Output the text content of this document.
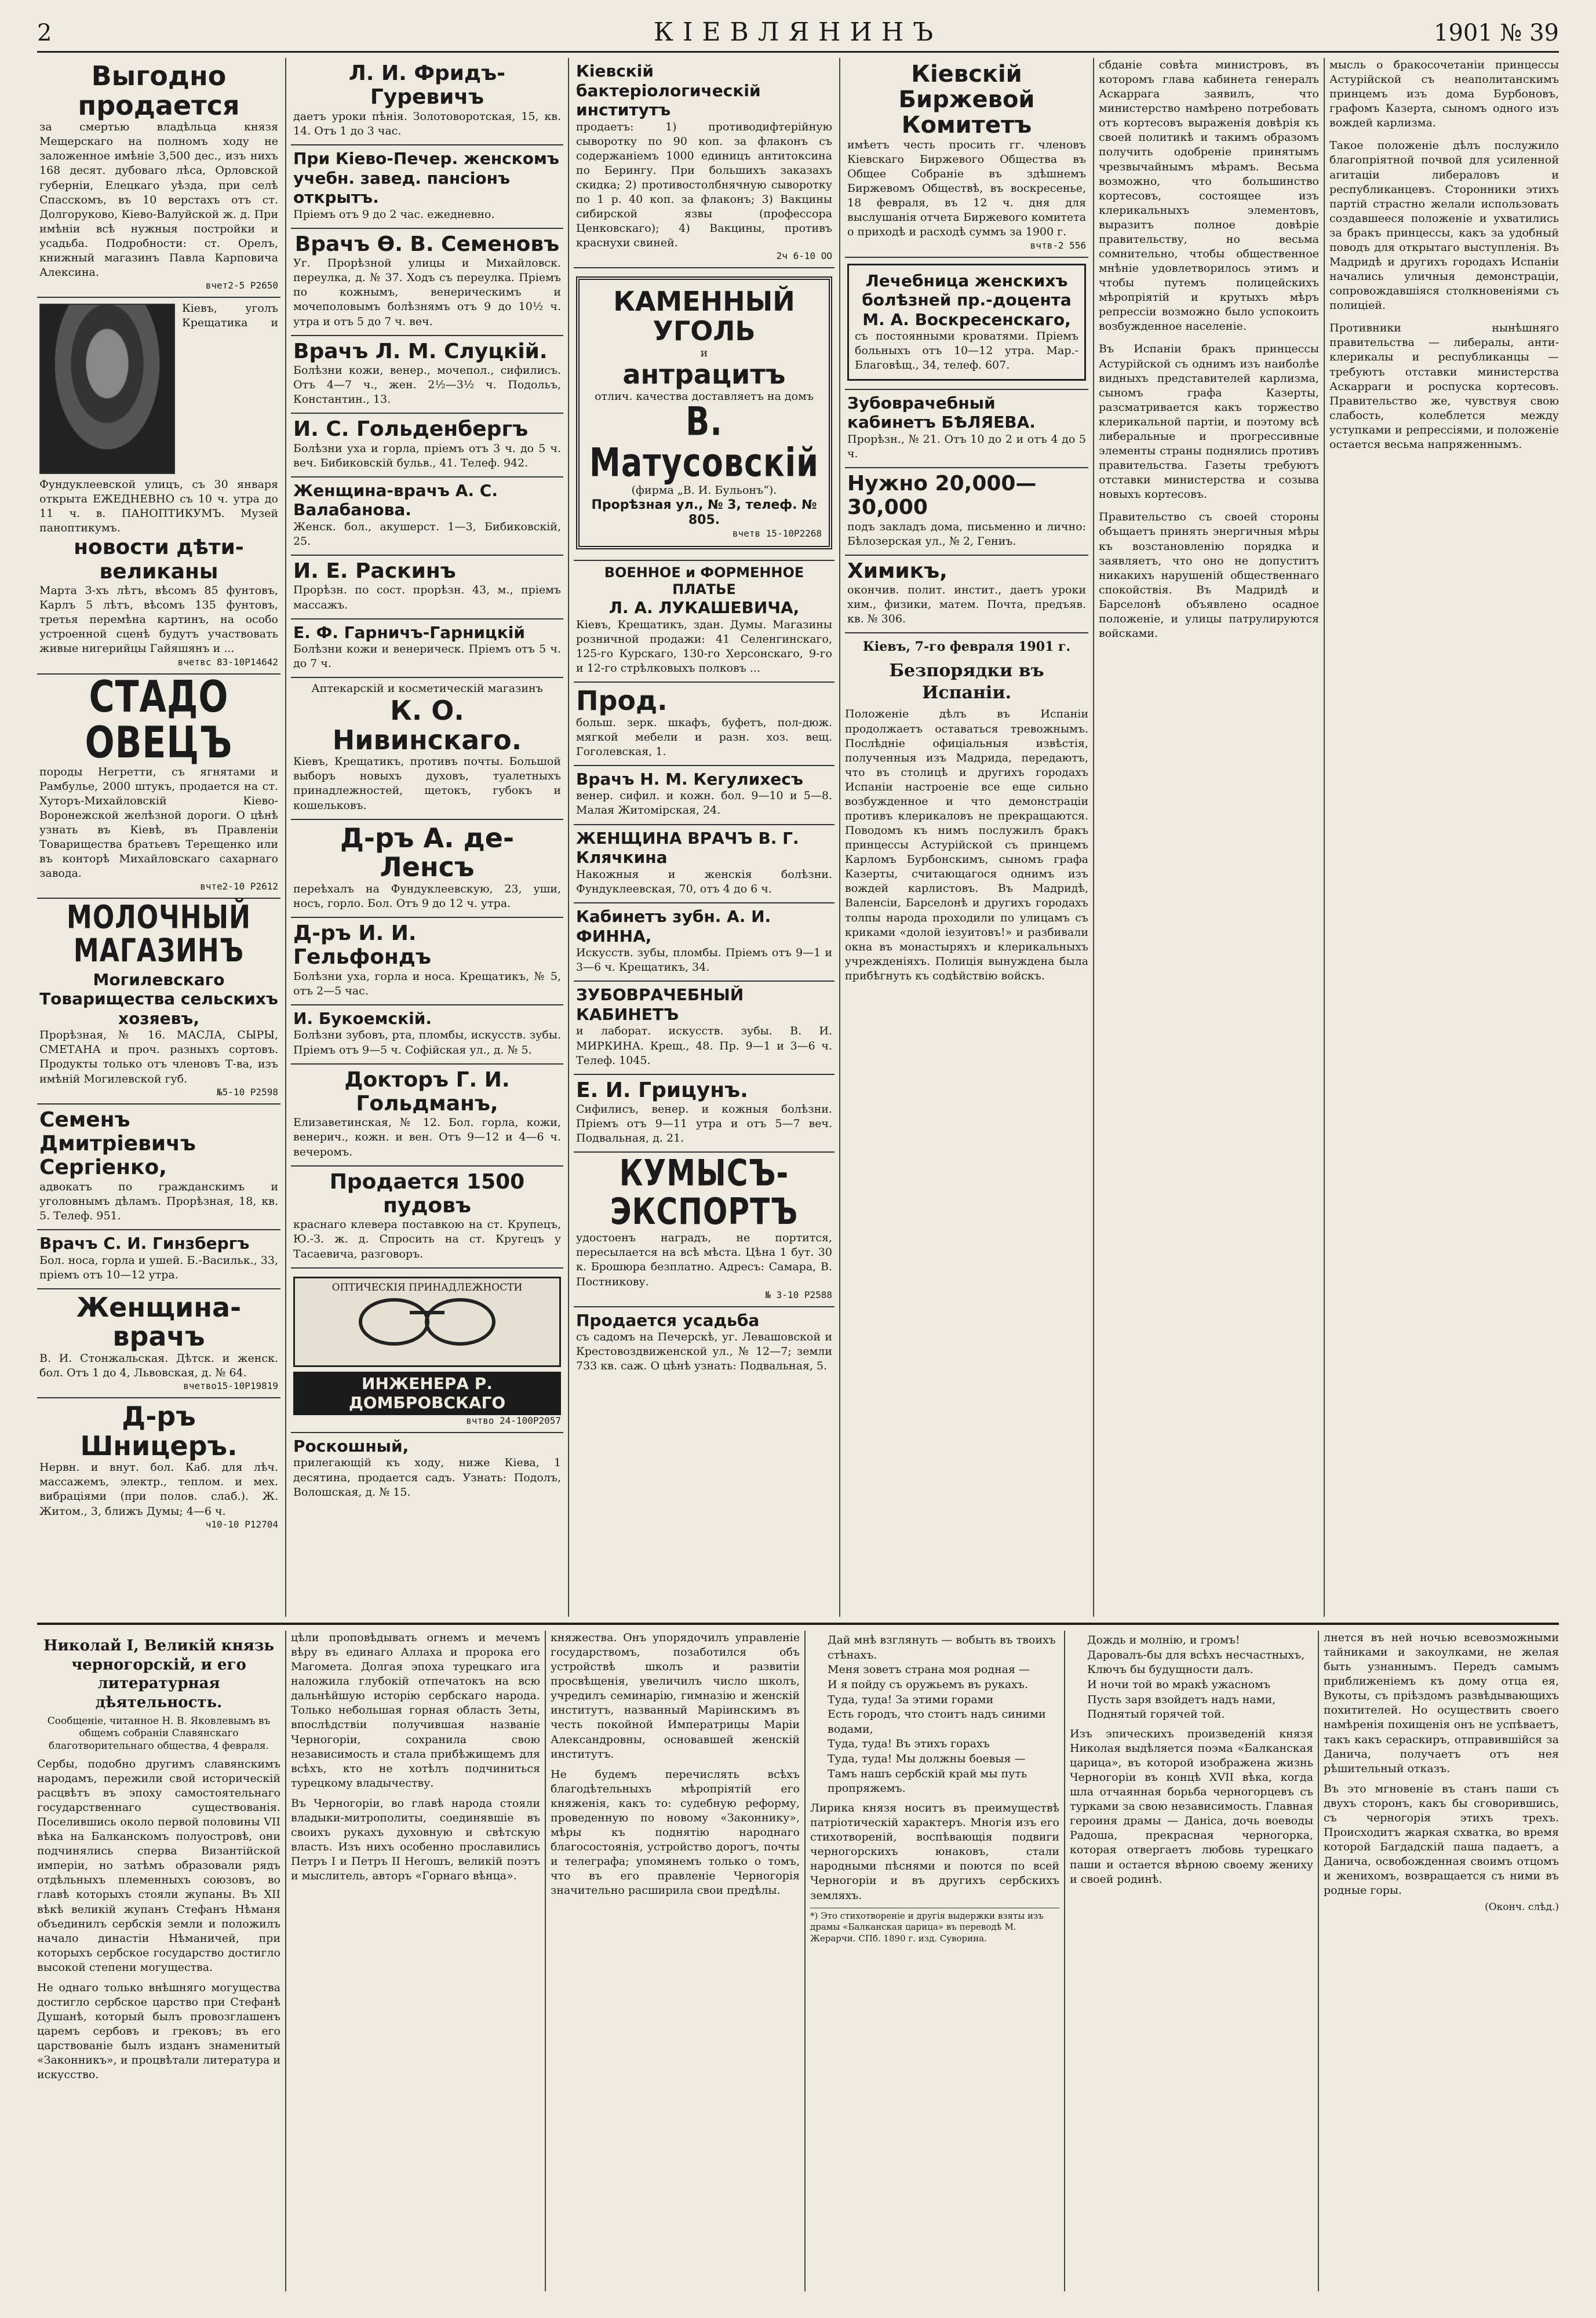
2	КІЕВЛЯНИНЪ	1901 № 39
Выгодно продается
за смертью владѣльца князя Мещерскаго на полномъ ходу не заложенное имѣніе 3,500 дес., изъ нихъ 168 десят. дубоваго лѣса, Орловской губерніи, Елецкаго уѣзда, при селѣ Спасскомъ, въ 10 верстахъ отъ ст. Долгоруково, Кіево-Валуйской ж. д. При имѣніи всѣ нужныя постройки и усадьба. Подробности: ст. Орелъ, книжный магазинъ Павла Карповича Алексина.
вчет2-5 Р2650
Кіевъ, уголъ Крещатика и Фундуклеевской улицъ, съ 30 января открыта ЕЖЕДНЕВНО съ 10 ч. утра до 11 ч. в. ПАНОПТИКУМЪ. Музей паноптикумъ.
новости дѣти-великаны
Марта 3-хъ лѣтъ, вѣсомъ 85 фунтовъ, Карлъ 5 лѣтъ, вѣсомъ 135 фунтовъ, третья перемѣна картинъ, на особо устроенной сценѣ будутъ участвовать живые нигерийцы Гайяшянъ и ...
вчетвс 83-10Р14642
СТАДО ОВЕЦЪ
породы Негретти, съ ягнятами и Рамбулье, 2000 штукъ, продается на ст. Хуторъ-Михайловскій Кіево-Воронежской желѣзной дороги. О цѣнѣ узнать въ Кіевѣ, въ Правленіи Товарищества братьевъ Терещенко или въ конторѣ Михайловскаго сахарнаго завода.
вчте2-10 Р2612
МОЛОЧНЫЙ МАГАЗИНЪ
Могилевскаго Товарищества сельскихъ хозяевъ,
Прорѣзная, № 16. МАСЛА, СЫРЫ, СМЕТАНА и проч. разныхъ сортовъ. Продукты только отъ членовъ Т-ва, изъ имѣній Могилевской губ.
№5-10 Р2598
Семенъ Дмитріевичъ Сергіенко,
адвокатъ по гражданскимъ и уголовнымъ дѣламъ. Прорѣзная, 18, кв. 5. Телеф. 951.
Врачъ С. И. Гинзбергъ
Бол. носа, горла и ушей. Б.-Васильк., 33, пріемъ отъ 10—12 утра.
Женщина-врачъ
В. И. Стонжальская. Дѣтск. и женск. бол. Отъ 1 до 4, Львовская, д. № 64.
вчетво15-10Р19819
Д-ръ Шницеръ.
Нервн. и внут. бол. Каб. для лѣч. массажемъ, электр., теплом. и мех. вибраціями (при полов. слаб.). Ж. Житом., 3, ближъ Думы; 4—6 ч.
ч10-10 Р12704
Л. И. Фридъ-Гуревичъ
даетъ уроки пѣнія. Золотоворотская, 15, кв. 14. Отъ 1 до 3 час.
При Кіево-Печер. женскомъ учебн. завед. пансіонъ открытъ.
Пріемъ отъ 9 до 2 час. ежедневно.
Врачъ Ѳ. В. Семеновъ
Уг. Прорѣзной улицы и Михайловск. переулка, д. № 37. Ходъ съ переулка. Пріемъ по кожнымъ, венерическимъ и мочеполовымъ болѣзнямъ отъ 9 до 10½ ч. утра и отъ 5 до 7 ч. веч.
Врачъ Л. М. Слуцкій.
Болѣзни кожи, венер., мочепол., сифилисъ. Отъ 4—7 ч., жен. 2½—3½ ч. Подольъ, Константин., 13.
И. С. Гольденбергъ
Болѣзни уха и горла, пріемъ отъ 3 ч. до 5 ч. веч. Бибиковскій бульв., 41. Телеф. 942.
Женщина-врачъ А. С. Валабанова.
Женск. бол., акушерст. 1—3, Бибиковскій, 25.
И. Е. Раскинъ
Прорѣзн. по сост. прорѣзн. 43, м., пріемъ массажъ.
Е. Ф. Гарничъ-Гарницкій
Болѣзни кожи и венерическ. Пріемъ отъ 5 ч. до 7 ч.
Аптекарскій и косметическій магазинъ
К. О. Нивинскаго.
Кіевъ, Крещатикъ, противъ почты. Большой выборъ новыхъ духовъ, туалетныхъ принадлежностей, щетокъ, губокъ и кошельковъ.
Д-ръ А. де-Ленсъ
переѣхалъ на Фундуклеевскую, 23, уши, носъ, горло. Бол. Отъ 9 до 12 ч. утра.
Д-ръ И. И. Гельфондъ
Болѣзни уха, горла и носа. Крещатикъ, № 5, отъ 2—5 час.
И. Букоемскій.
Болѣзни зубовъ, рта, пломбы, искусств. зубы. Пріемъ отъ 9—5 ч. Софійская ул., д. № 5.
Докторъ Г. И. Гольдманъ,
Елизаветинская, № 12. Бол. горла, кожи, венерич., кожн. и вен. Отъ 9—12 и 4—6 ч. вечеромъ.
Продается 1500 пудовъ
краснаго клевера поставкою на ст. Крупецъ, Ю.-З. ж. д. Спросить на ст. Кругецъ у Тасаевича, разговоръ.
ОПТИЧЕСКІЯ ПРИНАДЛЕЖНОСТИ
ИНЖЕНЕРА Р. ДОМБРОВСКАГО
вчтво 24-100Р2057
Роскошный,
прилегающій къ ходу, ниже Кіева, 1 десятина, продается садъ. Узнать: Подолъ, Волошская, д. № 15.
Кіевскій бактеріологическій институтъ
продаетъ: 1) противодифтерійную сыворотку по 90 коп. за флаконъ съ содержаніемъ 1000 единицъ антитоксина по Берингу. При большихъ заказахъ скидка; 2) противостолбнячную сыворотку по 1 р. 40 коп. за флаконъ; 3) Вакцины сибирской язвы (профессора Ценковскаго); 4) Вакцины, противъ краснухи свиней.
2ч 6-10 ОО
КАМЕННЫЙ УГОЛЬ
и
антрацитъ
отлич. качества доставляетъ на домъ
В. Матусовскій
(фирма „В. И. Бульонъ“).
Прорѣзная ул., № 3, телеф. № 805.
вчетв 15-10Р2268
ВОЕННОЕ и ФОРМЕННОЕ ПЛАТЬЕ
Л. А. ЛУКАШЕВИЧА,
Кіевъ, Крещатикъ, здан. Думы. Магазины розничной продажи: 41 Селенгинскаго, 125-го Курскаго, 130-го Херсонскаго, 9-го и 12-го стрѣлковыхъ полковъ ...
Прод.
больш. зерк. шкафъ, буфетъ, пол-дюж. мягкой мебели и разн. хоз. вещ. Гоголевская, 1.
Врачъ Н. М. Кегулихесъ
венер. сифил. и кожн. бол. 9—10 и 5—8. Малая Житомірская, 24.
ЖЕНЩИНА ВРАЧЪ В. Г. Клячкина
Накожныя и женскія болѣзни. Фундуклеевская, 70, отъ 4 до 6 ч.
Кабинетъ зубн. А. И. ФИННА,
Искусств. зубы, пломбы. Пріемъ отъ 9—1 и 3—6 ч. Крещатикъ, 34.
ЗУБОВРАЧЕБНЫЙ КАБИНЕТЪ
и лаборат. искусств. зубы. В. И. МИРКИНА. Крещ., 48. Пр. 9—1 и 3—6 ч. Телеф. 1045.
Е. И. Грицунъ.
Сифилисъ, венер. и кожныя болѣзни. Пріемъ отъ 9—11 утра и отъ 5—7 веч. Подвальная, д. 21.
КУМЫСЪ-ЭКСПОРТЪ
удостоенъ наградъ, не портится, пересылается на всѣ мѣста. Цѣна 1 бут. 30 к. Брошюра безплатно. Адресъ: Самара, В. Постникову.
№ 3-10 Р2588
Продается усадьба
съ садомъ на Печерскѣ, уг. Левашовской и Крестовоздвиженской ул., № 12—7; земли 733 кв. саж. О цѣнѣ узнать: Подвальная, 5.
Кіевскій Биржевой Комитетъ
имѣетъ честь просить гг. членовъ Кіевскаго Биржевого Общества въ Общее Собраніе въ здѣшнемъ Биржевомъ Обществѣ, въ воскресенье, 18 февраля, въ 12 ч. дня для выслушанія отчета Биржевого комитета о приходѣ и расходѣ суммъ за 1900 г.
вчтв-2 556
Лечебница женскихъ болѣзней пр.-доцента М. А. Воскресенскаго,
съ постоянными кроватями. Пріемъ больныхъ отъ 10—12 утра. Мар.-Благовѣщ., 34, телеф. 607.
Зубоврачебный кабинетъ БѢЛЯЕВА.
Прорѣзн., № 21. Отъ 10 до 2 и отъ 4 до 5 ч.
Нужно 20,000—30,000
подъ закладъ дома, письменно и лично: Бѣлозерская ул., № 2, Гениъ.
Химикъ,
окончив. полит. инстит., даетъ уроки хим., физики, матем. Почта, предъяв. кв. № 306.
Кіевъ, 7-го февраля 1901 г.
Безпорядки въ Испаніи.
Положеніе дѣлъ въ Испаніи продолжаетъ оставаться тревожнымъ. Послѣдніе офиціальныя извѣстія, полученныя изъ Мадрида, передаютъ, что въ столицѣ и другихъ городахъ Испаніи настроеніе все еще сильно возбужденное и что демонстраціи противъ клерикаловъ не прекращаются. Поводомъ къ нимъ послужилъ бракъ принцессы Астурійской съ принцемъ Карломъ Бурбонскимъ, сыномъ графа Казерты, считающагося однимъ изъ вождей карлистовъ. Въ Мадридѣ, Валенсіи, Барселонѣ и другихъ городахъ толпы народа проходили по улицамъ съ криками «долой іезуитовъ!» и разбивали окна въ монастыряхъ и клерикальныхъ учрежденіяхъ. Полиція вынуждена была прибѣгнуть къ содѣйствію войскъ.
сбданіе совѣта министровъ, въ которомъ глава кабинета генералъ Аскаррага заявилъ, что министерство намѣрено потребовать отъ кортесовъ выраженія довѣрія къ своей политикѣ и такимъ образомъ получить одобреніе принятымъ чрезвычайнымъ мѣрамъ. Весьма возможно, что большинство кортесовъ, состоящее изъ клерикальныхъ элементовъ, выразитъ полное довѣріе правительству, но весьма сомнительно, чтобы общественное мнѣніе удовлетворилось этимъ и чтобы путемъ полицейскихъ мѣропріятій и крутыхъ мѣръ репрессіи возможно было успокоить возбужденное населеніе.
Въ Испаніи бракъ принцессы Астурійской съ однимъ изъ наиболѣе видныхъ представителей карлизма, сыномъ графа Казерты, разсматривается какъ торжество клерикальной партіи, и поэтому всѣ либеральные и прогрессивные элементы страны поднялись противъ правительства. Газеты требуютъ отставки министерства и созыва новыхъ кортесовъ.
Правительство съ своей стороны объщаетъ принять энергичныя мѣры къ возстановленію порядка и заявляетъ, что оно не допуститъ никакихъ нарушеній общественнаго спокойствія. Въ Мадридѣ и Барселонѣ объявлено осадное положеніе, и улицы патрулируются войсками.
мысль о бракосочетаніи принцессы Астурійской съ неаполитанскимъ принцемъ изъ дома Бурбоновъ, графомъ Казерта, сыномъ одного изъ вождей карлизма.
Такое положеніе дѣлъ послужило благопріятной почвой для усиленной агитаціи либераловъ и республиканцевъ. Сторонники этихъ партій страстно желали использовать создавшееся положеніе и ухватились за бракъ принцессы, какъ за удобный поводъ для открытаго выступленія. Въ Мадридѣ и другихъ городахъ Испаніи начались уличныя демонстраціи, сопровождавшіяся столкновеніями съ полиціей.
Противники нынѣшняго правительства — либералы, анти-клерикалы и республиканцы — требуютъ отставки министерства Аскарраги и роспуска кортесовъ. Правительство же, чувствуя свою слабость, колеблется между уступками и репрессіями, и положеніе остается весьма напряженнымъ.
Николай I, Великій князь черногорскій, и его литературная дѣятельность.
Сообщеніе, читанное Н. В. Яковлевымъ въ общемъ собраніи Славянскаго благотворительнаго общества, 4 февраля.
Сербы, подобно другимъ славянскимъ народамъ, пережили свой историческій расцвѣтъ въ эпоху самостоятельнаго государственнаго существованія. Поселившись около первой половины VII вѣка на Балканскомъ полуостровѣ, они подчинялись сперва Византійской имперіи, но затѣмъ образовали рядъ отдѣльныхъ племенныхъ союзовъ, во главѣ которыхъ стояли жупаны. Въ XII вѣкѣ великій жупанъ Стефанъ Нѣманя объединилъ сербскія земли и положилъ начало династіи Нѣманичей, при которыхъ сербское государство достигло высокой степени могущества.
Не однаго только внѣшняго могущества достигло сербское царство при Стефанѣ Душанѣ, который былъ провозглашенъ царемъ сербовъ и грековъ; въ его царствованіе былъ изданъ знаменитый «Законникъ», и процвѣтали литература и искусство.
цѣли проповѣдывать огнемъ и мечемъ вѣру въ единаго Аллаха и пророка его Магомета. Долгая эпоха турецкаго ига наложила глубокій отпечатокъ на всю дальнѣйшую исторію сербскаго народа. Только небольшая горная область Зеты, впослѣдствіи получившая названіе Черногоріи, сохранила свою независимость и стала прибѣжищемъ для всѣхъ, кто не хотѣлъ подчиниться турецкому владычеству.
Въ Черногоріи, во главѣ народа стояли владыки-митрополиты, соединявшіе въ своихъ рукахъ духовную и свѣтскую власть. Изъ нихъ особенно прославились Петръ I и Петръ II Негошъ, великій поэтъ и мыслитель, авторъ «Горнаго вѣнца».
княжества. Онъ упорядочилъ управленіе государствомъ, позаботился объ устройствѣ школъ и развитіи просвѣщенія, увеличилъ число школъ, учредилъ семинарію, гимназію и женскій институтъ, названный Маріинскимъ въ честь покойной Императрицы Маріи Александровны, основавшей женскій институтъ.
Не будемъ перечислять всѣхъ благодѣтельныхъ мѣропріятій его княженія, какъ то: судебную реформу, проведенную по новому «Законнику», мѣры къ поднятію народнаго благосостоянія, устройство дорогъ, почты и телеграфа; упомянемъ только о томъ, что въ его правленіе Черногорія значительно расширила свои предѣлы.
Дай мнѣ взглянуть — вобыть въ твоихъ стѣнахъ.
Меня зоветъ страна моя родная —
И я пойду съ оружьемъ въ рукахъ.
Туда, туда! За этими горами
Есть городъ, что стоитъ надъ синими водами,
Туда, туда! Въ этихъ горахъ
Туда, туда! Мы должны боевыя —
Тамъ нашъ сербскій край мы путь пропряжемъ.
Лирика князя носитъ въ преимуществѣ патріотическій характеръ. Многія изъ его стихотвореній, воспѣвающія подвиги черногорскихъ юнаковъ, стали народными пѣснями и поются по всей Черногоріи и въ другихъ сербскихъ земляхъ.
*) Это стихотвореніе и другія выдержки взяты изъ драмы «Балканская царица» въ переводѣ М. Жерарчи. СПб. 1890 г. изд. Суворина.
Дождь и молнію, и громъ!
Даровалъ-бы для всѣхъ несчастныхъ,
Ключъ бы будущности далъ.
И ночи той во мракѣ ужасномъ
Пусть заря взойдетъ надъ нами,
Поднятый горячей той.
Изъ эпическихъ произведеній князя Николая выдѣляется поэма «Балканская царица», въ которой изображена жизнь Черногоріи въ концѣ XVII вѣка, когда шла отчаянная борьба черногорцевъ съ турками за свою независимость. Главная героиня драмы — Данica, дочь воеводы Радоша, прекрасная черногорка, которая отвергаетъ любовь турецкаго паши и остается вѣрною своему жениху и своей родинѣ.
лнется въ ней ночью всевозможными тайниками и закоулками, не желая быть узнаннымъ. Передъ самымъ приближеніемъ къ дому отца ея, Вукоты, съ пріѣздомъ развѣдывающихъ похитителей. Но осуществить своего намѣренія похищенія онъ не успѣваетъ, такъ какъ сераскиръ, отправившійся за Данича, получаетъ отъ нея рѣшительный отказъ.
Въ это мгновеніе въ станъ паши съ двухъ сторонъ, какъ бы сговорившись, съ черногорія этихъ трехъ. Происходитъ жаркая схватка, во время которой Багдадскій паша падаетъ, а Данича, освобожденная своимъ отцомъ и женихомъ, возвращается съ ними въ родные горы.
(Оконч. слѣд.)
